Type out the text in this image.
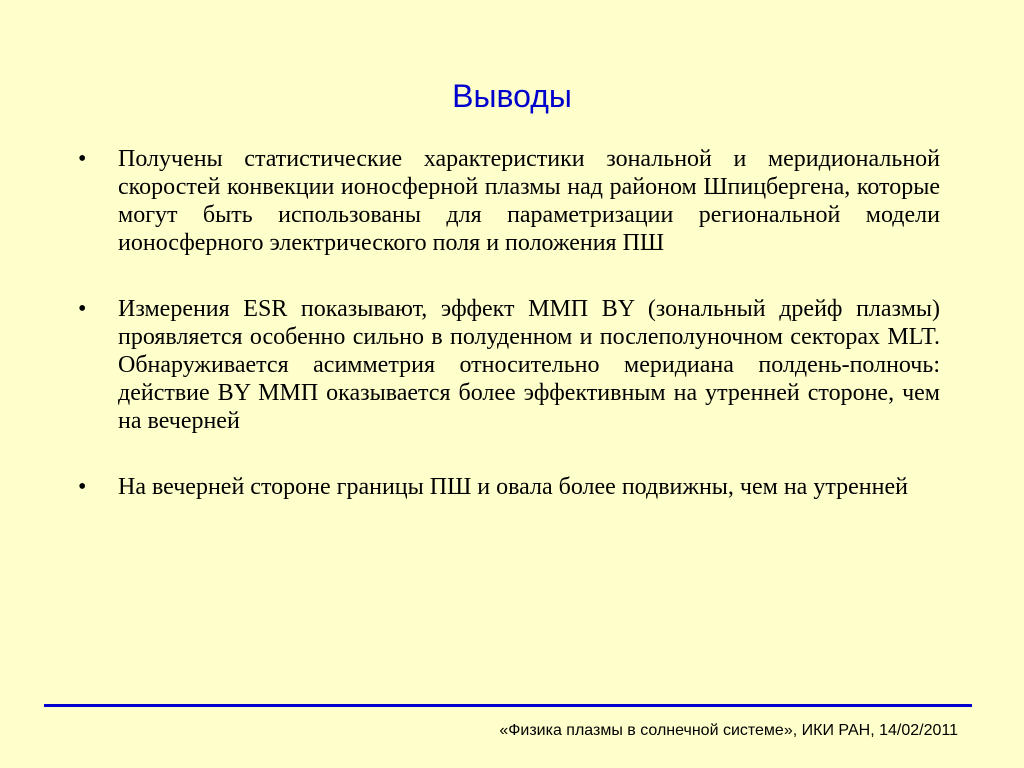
Выводы
•	Получены статистические характеристики зональной и меридиональной скоростей конвекции ионосферной плазмы над районом Шпицбергена, которые могут быть использованы для параметризации региональной модели ионосферного электрического поля и положения ПШ

•	Измерения ESR показывают, эффект ММП BY (зональный дрейф плазмы) проявляется особенно сильно в полуденном и послеполуночном секторах MLT. Обнаруживается асимметрия относительно меридиана полдень-полночь: действие BY ММП оказывается более эффективным на утренней стороне, чем на вечерней

•	На вечерней стороне границы ПШ и овала более подвижны, чем на утренней

«Физика плазмы в солнечной системе», ИКИ РАН, 14/02/2011
